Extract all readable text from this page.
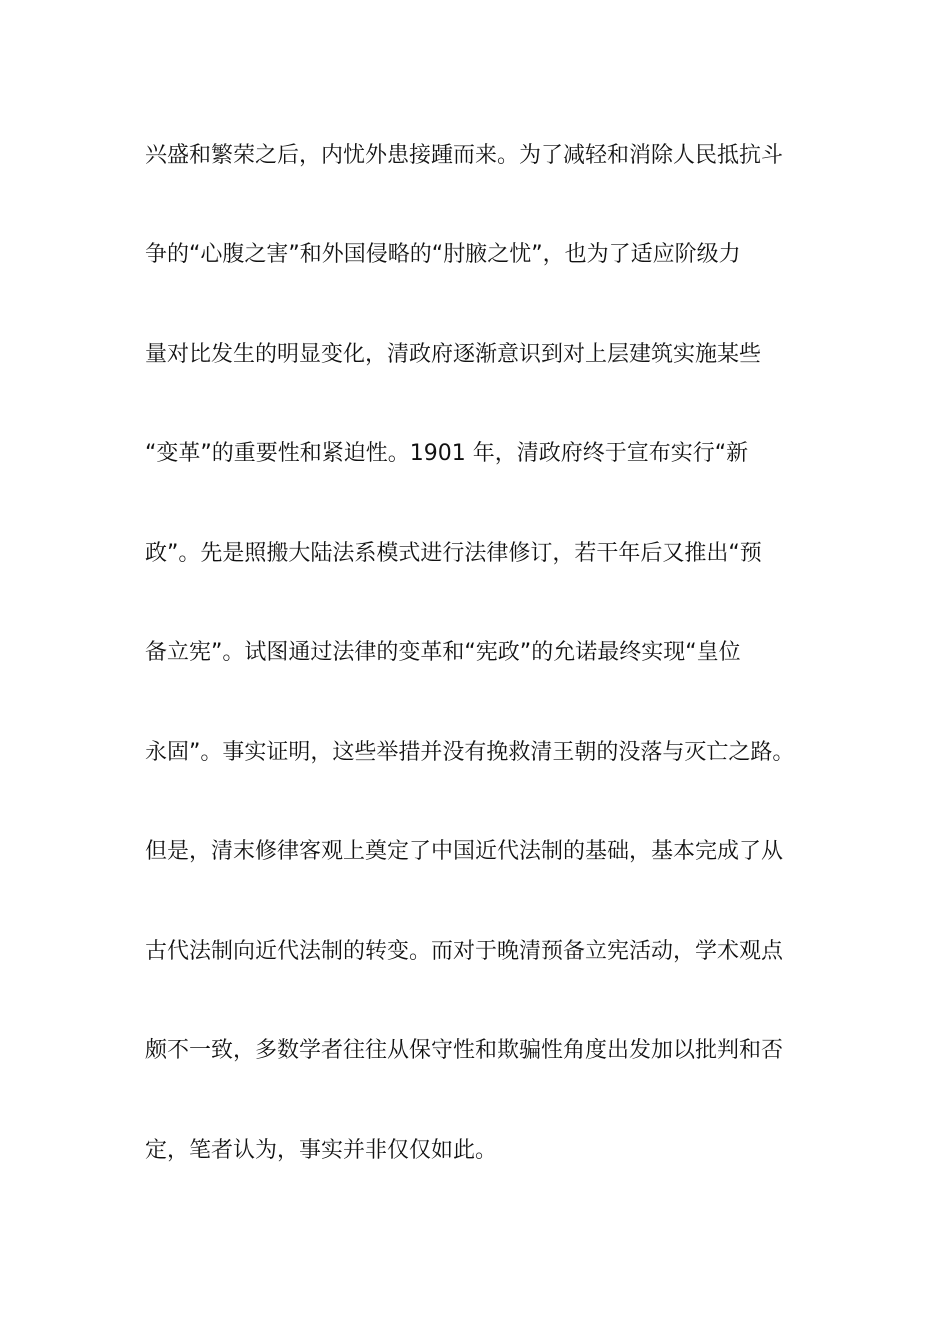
兴盛和繁荣之后，内忧外患接踵而来。为了减轻和消除人民抵抗斗
争的“心腹之害”和外国侵略的“肘腋之忧”，也为了适应阶级力
量对比发生的明显变化，清政府逐渐意识到对上层建筑实施某些
“变革”的重要性和紧迫性。1901 年，清政府终于宣布实行“新
政”。先是照搬大陆法系模式进行法律修订，若干年后又推出“预
备立宪”。试图通过法律的变革和“宪政”的允诺最终实现“皇位
永固”。事实证明，这些举措并没有挽救清王朝的没落与灭亡之路。
但是，清末修律客观上奠定了中国近代法制的基础，基本完成了从
古代法制向近代法制的转变。而对于晚清预备立宪活动，学术观点
颇不一致，多数学者往往从保守性和欺骗性角度出发加以批判和否
定，笔者认为，事实并非仅仅如此。
